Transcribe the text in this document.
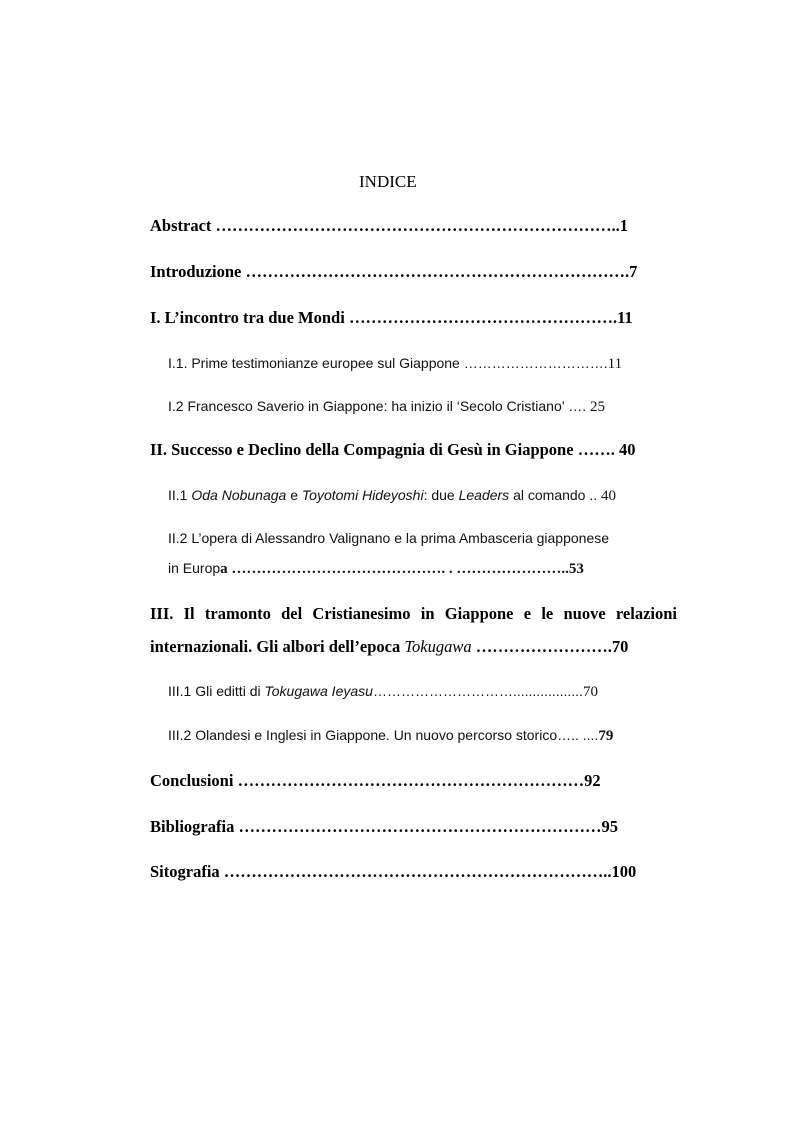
INDICE
Abstract ………………………………………………………………..1
Introduzione …………………………………………………………….7
I. L’incontro tra due Mondi ………………………………………….11
I.1. Prime testimonianze europee sul Giappone ………………………….11
I.2 Francesco Saverio in Giappone: ha inizio il ‘Secolo Cristiano’ …. 25
II. Successo e Declino della Compagnia di Gesù in Giappone ……. 40
II.1 Oda Nobunaga e Toyotomi Hideyoshi: due Leaders al comando .. 40
II.2 L’opera di Alessandro Valignano e la prima Ambasceria giapponese
in Europa ……………………………………. . …………………..53
III. Il tramonto del Cristianesimo in Giappone e le nuove relazioni
internazionali. Gli albori dell’epoca Tokugawa …………………….70
III.1 Gli editti di Tokugawa Ieyasu…………………………..................70
III.2 Olandesi e Inglesi in Giappone. Un nuovo percorso storico….. ....79
Conclusioni ………………………………………………………92
Bibliografia …………………………………………………………95
Sitografia ……………………………………………………………..100
